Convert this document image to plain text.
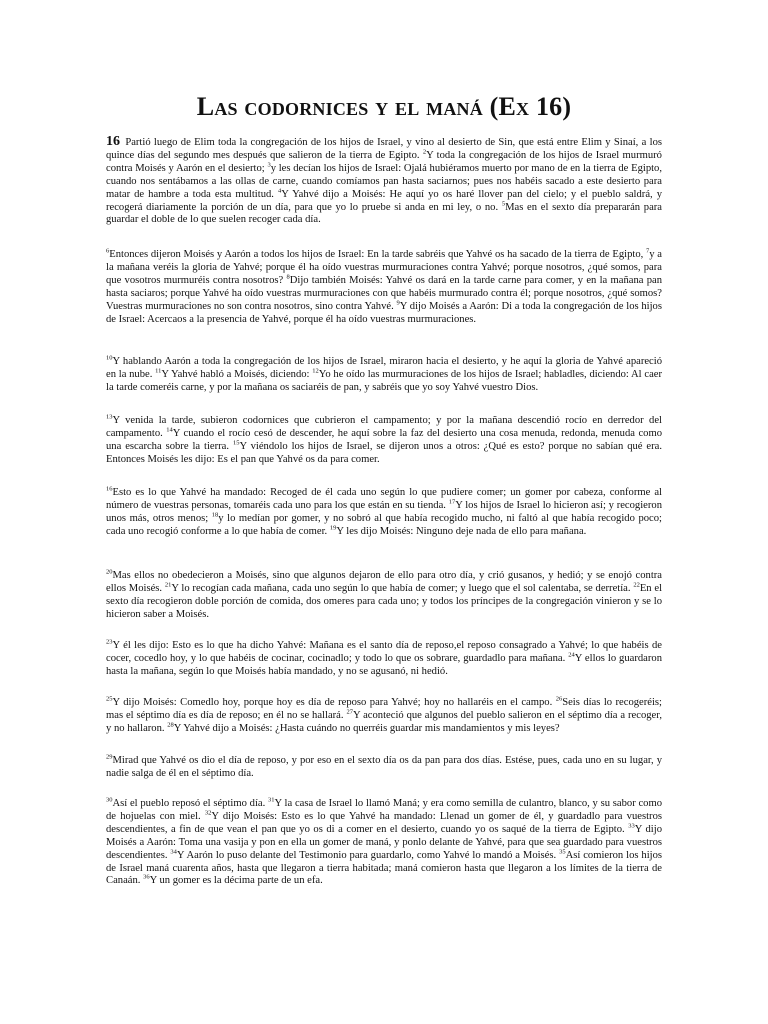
Las codornices y el maná (Ex 16)
16 Partió luego de Elim toda la congregación de los hijos de Israel, y vino al desierto de Sin, que está entre Elim y Sinaí, a los quince días del segundo mes después que salieron de la tierra de Egipto. $^2$Y toda la congregación de los hijos de Israel murmuró contra Moisés y Aarón en el desierto; $^3$y les decían los hijos de Israel: Ojalá hubiéramos muerto por mano de en la tierra de Egipto, cuando nos sentábamos a las ollas de carne, cuando comíamos pan hasta saciarnos; pues nos habéis sacado a este desierto para matar de hambre a toda esta multitud. $^4$Y Yahvé dijo a Moisés: He aquí yo os haré llover pan del cielo; y el pueblo saldrá, y recogerá diariamente la porción de un día, para que yo lo pruebe si anda en mi ley, o no. $^5$Mas en el sexto día prepararán para guardar el doble de lo que suelen recoger cada día.
$^6$Entonces dijeron Moisés y Aarón a todos los hijos de Israel: En la tarde sabréis que Yahvé os ha sacado de la tierra de Egipto, $^7$y a la mañana veréis la gloria de Yahvé; porque él ha oído vuestras murmuraciones contra Yahvé; porque nosotros, ¿qué somos, para que vosotros murmuréis contra nosotros? $^8$Dijo también Moisés: Yahvé os dará en la tarde carne para comer, y en la mañana pan hasta saciaros; porque Yahvé ha oído vuestras murmuraciones con que habéis murmurado contra él; porque nosotros, ¿qué somos? Vuestras murmuraciones no son contra nosotros, sino contra Yahvé. $^9$Y dijo Moisés a Aarón: Di a toda la congregación de los hijos de Israel: Acercaos a la presencia de Yahvé, porque él ha oído vuestras murmuraciones.
$^{10}$Y hablando Aarón a toda la congregación de los hijos de Israel, miraron hacia el desierto, y he aquí la gloria de Yahvé apareció en la nube. $^{11}$Y Yahvé habló a Moisés, diciendo: $^{12}$Yo he oído las murmuraciones de los hijos de Israel; habladles, diciendo: Al caer la tarde comeréis carne, y por la mañana os saciaréis de pan, y sabréis que yo soy Yahvé vuestro Dios.
$^{13}$Y venida la tarde, subieron codornices que cubrieron el campamento; y por la mañana descendió rocío en derredor del campamento. $^{14}$Y cuando el rocío cesó de descender, he aquí sobre la faz del desierto una cosa menuda, redonda, menuda como una escarcha sobre la tierra. $^{15}$Y viéndolo los hijos de Israel, se dijeron unos a otros: ¿Qué es esto? porque no sabían qué era. Entonces Moisés les dijo: Es el pan que Yahvé os da para comer.
$^{16}$Esto es lo que Yahvé ha mandado: Recoged de él cada uno según lo que pudiere comer; un gomer por cabeza, conforme al número de vuestras personas, tomaréis cada uno para los que están en su tienda. $^{17}$Y los hijos de Israel lo hicieron así; y recogieron unos más, otros menos; $^{18}$y lo medían por gomer, y no sobró al que había recogido mucho, ni faltó al que había recogido poco; cada uno recogió conforme a lo que había de comer. $^{19}$Y les dijo Moisés: Ninguno deje nada de ello para mañana.
$^{20}$Mas ellos no obedecieron a Moisés, sino que algunos dejaron de ello para otro día, y crió gusanos, y hedió; y se enojó contra ellos Moisés. $^{21}$Y lo recogían cada mañana, cada uno según lo que había de comer; y luego que el sol calentaba, se derretía. $^{22}$En el sexto día recogieron doble porción de comida, dos omeres para cada uno; y todos los príncipes de la congregación vinieron y se lo hicieron saber a Moisés.
$^{23}$Y él les dijo: Esto es lo que ha dicho Yahvé: Mañana es el santo día de reposo,el reposo consagrado a Yahvé; lo que habéis de cocer, cocedlo hoy, y lo que habéis de cocinar, cocinadlo; y todo lo que os sobrare, guardadlo para mañana. $^{24}$Y ellos lo guardaron hasta la mañana, según lo que Moisés había mandado, y no se agusanó, ni hedió.
$^{25}$Y dijo Moisés: Comedlo hoy, porque hoy es día de reposo para Yahvé; hoy no hallaréis en el campo. $^{26}$Seis días lo recogeréis; mas el séptimo día es día de reposo; en él no se hallará. $^{27}$Y aconteció que algunos del pueblo salieron en el séptimo día a recoger, y no hallaron. $^{28}$Y Yahvé dijo a Moisés: ¿Hasta cuándo no querréis guardar mis mandamientos y mis leyes?
$^{29}$Mirad que Yahvé os dio el día de reposo, y por eso en el sexto día os da pan para dos días. Estése, pues, cada uno en su lugar, y nadie salga de él en el séptimo día.
$^{30}$Así el pueblo reposó el séptimo día. $^{31}$Y la casa de Israel lo llamó Maná; y era como semilla de culantro, blanco, y su sabor como de hojuelas con miel. $^{32}$Y dijo Moisés: Esto es lo que Yahvé ha mandado: Llenad un gomer de él, y guardadlo para vuestros descendientes, a fin de que vean el pan que yo os di a comer en el desierto, cuando yo os saqué de la tierra de Egipto. $^{33}$Y dijo Moisés a Aarón: Toma una vasija y pon en ella un gomer de maná, y ponlo delante de Yahvé, para que sea guardado para vuestros descendientes. $^{34}$Y Aarón lo puso delante del Testimonio para guardarlo, como Yahvé lo mandó a Moisés. $^{35}$Así comieron los hijos de Israel maná cuarenta años, hasta que llegaron a tierra habitada; maná comieron hasta que llegaron a los límites de la tierra de Canaán. $^{36}$Y un gomer es la décima parte de un efa.
